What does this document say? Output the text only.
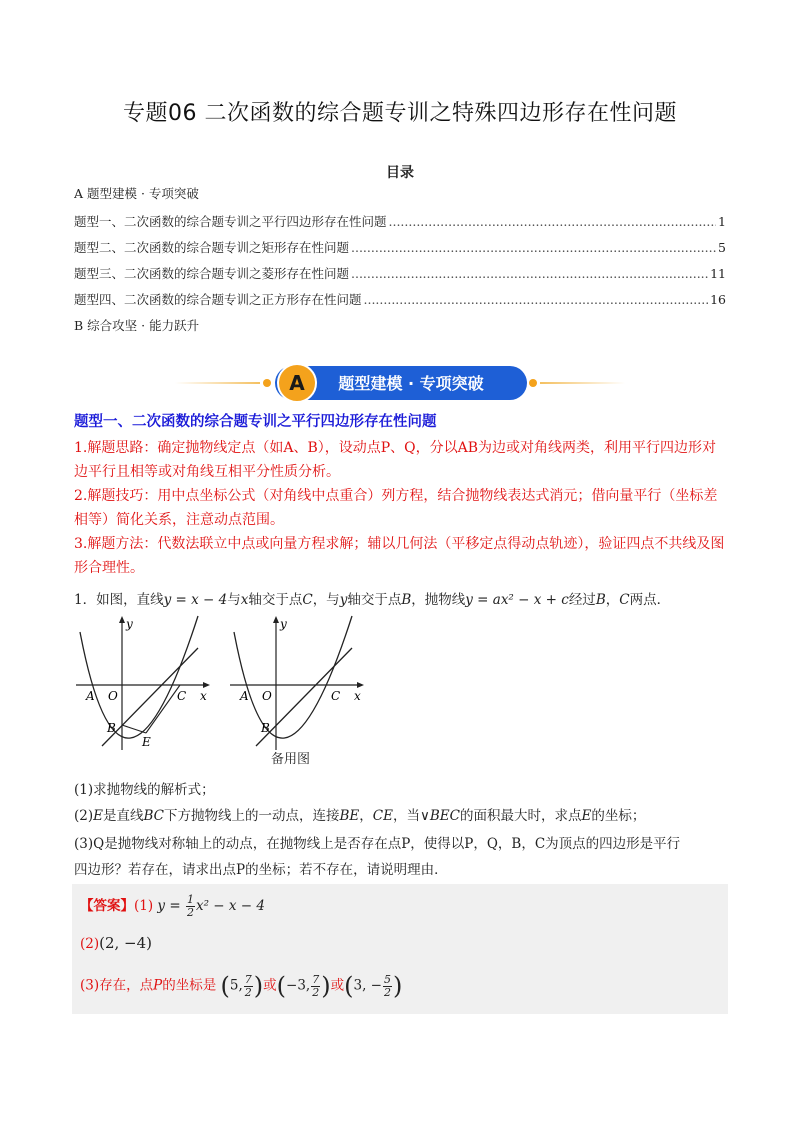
专题06 二次函数的综合题专训之特殊四边形存在性问题
目录
A 题型建模 · 专项突破
题型一、二次函数的综合题专训之平行四边形存在性问题 .....	1
题型二、二次函数的综合题专训之矩形存在性问题 .....	5
题型三、二次函数的综合题专训之菱形存在性问题 .....	11
题型四、二次函数的综合题专训之正方形存在性问题 .....	16
B 综合攻坚 · 能力跃升
A 题型建模 · 专项突破
题型一、二次函数的综合题专训之平行四边形存在性问题
1.解题思路：确定抛物线定点（如A、B），设动点P、Q，分以AB为边或对角线两类，利用平行四边形对边平行且相等或对角线互相平分性质分析。
2.解题技巧：用中点坐标公式（对角线中点重合）列方程，结合抛物线表达式消元；借向量平行（坐标差相等）简化关系，注意动点范围。
3.解题方法：代数法联立中点或向量方程求解；辅以几何法（平移定点得动点轨迹），验证四点不共线及图形合理性。
1．如图，直线y = x − 4与x轴交于点C，与y轴交于点B，抛物线y = ax² − x + c经过B，C两点．
y
x
A O	C
B
E
y
x
A O	C
B
备用图
(1)求抛物线的解析式；
(2)E是直线BC下方抛物线上的一动点，连接BE，CE，当∨BEC的面积最大时，求点E的坐标；
(3)Q是抛物线对称轴上的动点，在抛物线上是否存在点P，使得以P，Q，B，C为顶点的四边形是平行
四边形？若存在，请求出点P的坐标；若不存在，请说明理由．
【答案】(1) $y = \frac{1}{2} x^2 - x - 4$
(2)(2, −4)
(3)存在，点P的坐标是 (5, $\frac{7}{2}$ )或(−3, $\frac{7}{2}$ )或(3, − $\frac{5}{2}$ )
